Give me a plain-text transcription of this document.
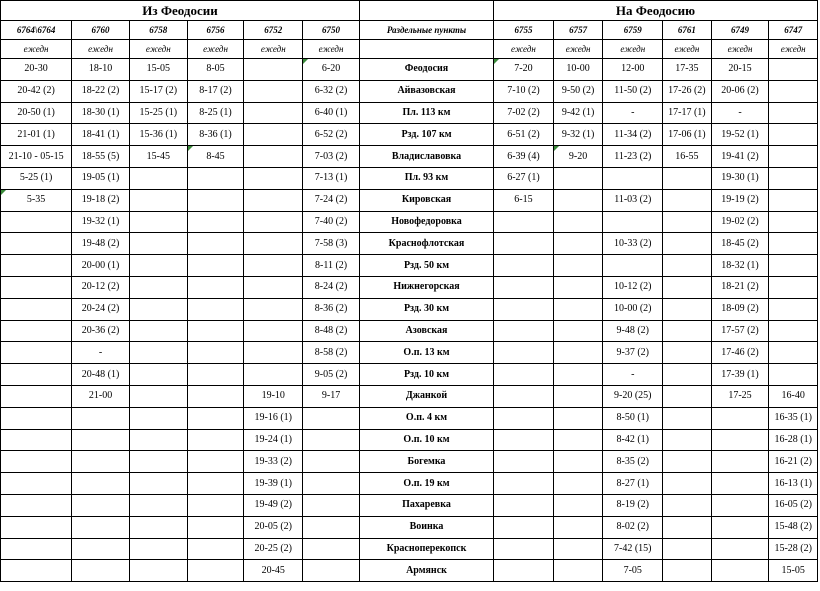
Из Феодосии							На Феодосию					
6764\6764	6760	6758	6756	6752	6750	Раздельные пункты	6755	6757	6759	6761	6749	6747
ежедн	ежедн	ежедн	ежедн	ежедн	ежедн		ежедн	ежедн	ежедн	ежедн	ежедн	ежедн
20-30	18-10	15-05	8-05		6-20	Феодосия	7-20	10-00	12-00	17-35	20-15	
20-42 (2)	18-22 (2)	15-17 (2)	8-17 (2)		6-32 (2)	Айвазовская	7-10 (2)	9-50 (2)	11-50 (2)	17-26 (2)	20-06 (2)	
20-50 (1)	18-30 (1)	15-25 (1)	8-25 (1)		6-40 (1)	Пл. 113 км	7-02 (2)	9-42 (1)	-	17-17 (1)	-	
21-01 (1)	18-41 (1)	15-36 (1)	8-36 (1)		6-52 (2)	Рзд. 107 км	6-51 (2)	9-32 (1)	11-34 (2)	17-06 (1)	19-52 (1)	
21-10 - 05-15	18-55 (5)	15-45	8-45		7-03 (2)	Владиславовка	6-39 (4)	9-20	11-23 (2)	16-55	19-41 (2)	
5-25 (1)	19-05 (1)				7-13 (1)	Пл. 93 км	6-27 (1)				19-30 (1)	
5-35	19-18 (2)				7-24 (2)	Кировская	6-15		11-03 (2)		19-19 (2)	
	19-32 (1)				7-40 (2)	Новофедоровка					19-02 (2)	
	19-48 (2)				7-58 (3)	Краснофлотская			10-33 (2)		18-45 (2)	
	20-00 (1)				8-11 (2)	Рзд. 50 км					18-32 (1)	
	20-12 (2)				8-24 (2)	Нижнегорская			10-12 (2)		18-21 (2)	
	20-24 (2)				8-36 (2)	Рзд. 30 км			10-00 (2)		18-09 (2)	
	20-36 (2)				8-48 (2)	Азовская			9-48 (2)		17-57 (2)	
	-				8-58 (2)	О.п. 13 км			9-37 (2)		17-46 (2)	
	20-48 (1)				9-05 (2)	Рзд. 10 км			-		17-39 (1)	
	21-00			19-10	9-17	Джанкой			9-20 (25)		17-25	16-40
				19-16 (1)		О.п. 4 км			8-50 (1)			16-35 (1)
				19-24 (1)		О.п. 10 км			8-42 (1)			16-28 (1)
				19-33 (2)		Богемка			8-35 (2)			16-21 (2)
				19-39 (1)		О.п. 19 км			8-27 (1)			16-13 (1)
				19-49 (2)		Пахаревка			8-19 (2)			16-05 (2)
				20-05 (2)		Воинка			8-02 (2)			15-48 (2)
				20-25 (2)		Красноперекопск			7-42 (15)			15-28 (2)
				20-45		Армянск			7-05			15-05
